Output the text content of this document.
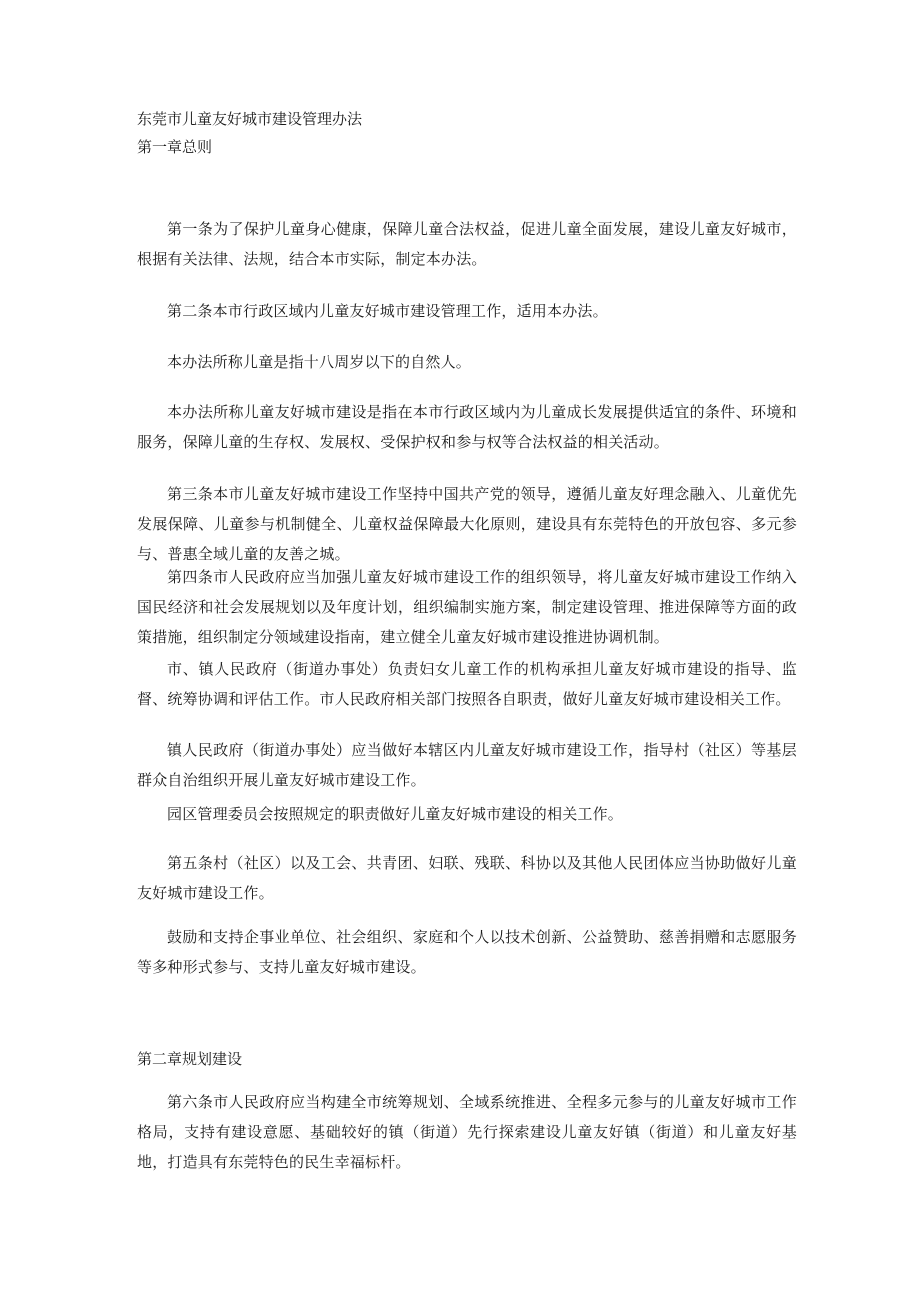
东莞市儿童友好城市建设管理办法
第一章总则

第一条为了保护儿童身心健康，保障儿童合法权益，促进儿童全面发展，建设儿童友好城市，根据有关法律、法规，结合本市实际，制定本办法。

第二条本市行政区域内儿童友好城市建设管理工作，适用本办法。

本办法所称儿童是指十八周岁以下的自然人。

本办法所称儿童友好城市建设是指在本市行政区域内为儿童成长发展提供适宜的条件、环境和服务，保障儿童的生存权、发展权、受保护权和参与权等合法权益的相关活动。

第三条本市儿童友好城市建设工作坚持中国共产党的领导，遵循儿童友好理念融入、儿童优先发展保障、儿童参与机制健全、儿童权益保障最大化原则，建设具有东莞特色的开放包容、多元参与、普惠全域儿童的友善之城。

第四条市人民政府应当加强儿童友好城市建设工作的组织领导，将儿童友好城市建设工作纳入国民经济和社会发展规划以及年度计划，组织编制实施方案，制定建设管理、推进保障等方面的政策措施，组织制定分领域建设指南，建立健全儿童友好城市建设推进协调机制。

市、镇人民政府（街道办事处）负责妇女儿童工作的机构承担儿童友好城市建设的指导、监督、统筹协调和评估工作。市人民政府相关部门按照各自职责，做好儿童友好城市建设相关工作。

镇人民政府（街道办事处）应当做好本辖区内儿童友好城市建设工作，指导村（社区）等基层群众自治组织开展儿童友好城市建设工作。

园区管理委员会按照规定的职责做好儿童友好城市建设的相关工作。

第五条村（社区）以及工会、共青团、妇联、残联、科协以及其他人民团体应当协助做好儿童友好城市建设工作。

鼓励和支持企事业单位、社会组织、家庭和个人以技术创新、公益赞助、慈善捐赠和志愿服务等多种形式参与、支持儿童友好城市建设。

第二章规划建设

第六条市人民政府应当构建全市统筹规划、全域系统推进、全程多元参与的儿童友好城市工作格局，支持有建设意愿、基础较好的镇（街道）先行探索建设儿童友好镇（街道）和儿童友好基地，打造具有东莞特色的民生幸福标杆。
